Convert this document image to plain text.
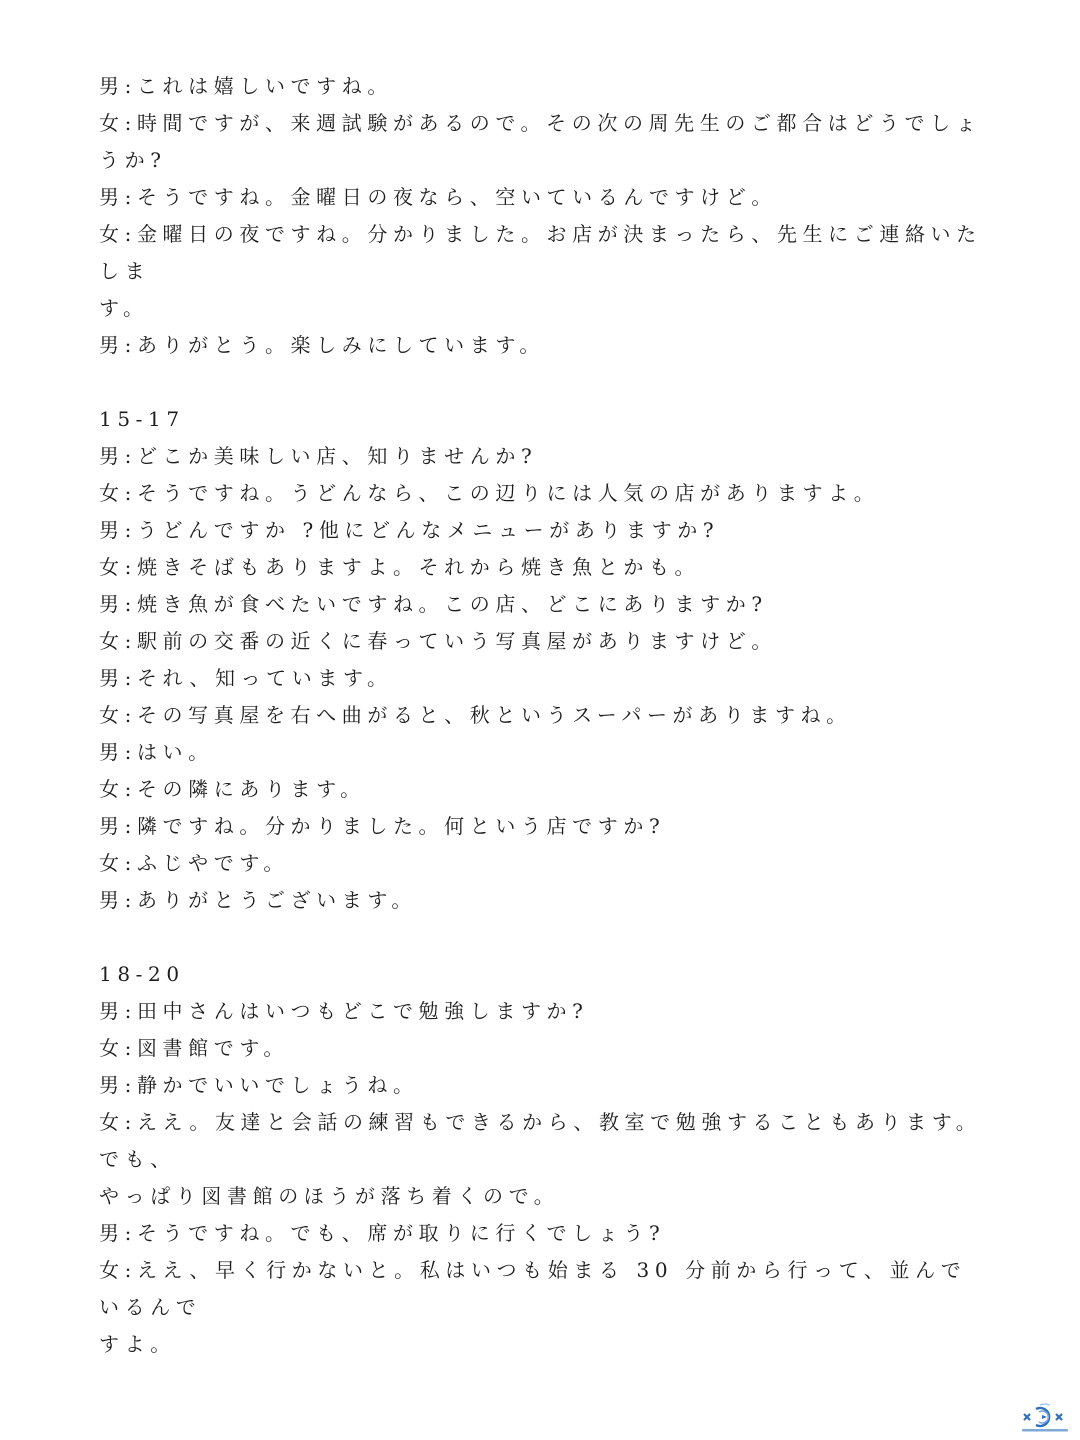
男:これは嬉しいですね。
女:時間ですが、来週試験があるので。その次の周先生のご都合はどうでしょうか?
男:そうですね。金曜日の夜なら、空いているんですけど。
女:金曜日の夜ですね。分かりました。お店が決まったら、先生にご連絡いたしま
す。
男:ありがとう。楽しみにしています。
15-17
男:どこか美味しい店、知りませんか?
女:そうですね。うどんなら、この辺りには人気の店がありますよ。
男:うどんですか ?他にどんなメニューがありますか?
女:焼きそばもありますよ。それから焼き魚とかも。
男:焼き魚が食べたいですね。この店、どこにありますか?
女:駅前の交番の近くに春っていう写真屋がありますけど。
男:それ、知っています。
女:その写真屋を右へ曲がると、秋というスーパーがありますね。
男:はい。
女:その隣にあります。
男:隣ですね。分かりました。何という店ですか?
女:ふじやです。
男:ありがとうございます。
18-20
男:田中さんはいつもどこで勉強しますか?
女:図書館です。
男:静かでいいでしょうね。
女:ええ。友達と会話の練習もできるから、教室で勉強することもあります。でも、
やっぱり図書館のほうが落ち着くので。
男:そうですね。でも、席が取りに行くでしょう?
女:ええ、早く行かないと。私はいつも始まる 30 分前から行って、並んでいるんで
すよ。
